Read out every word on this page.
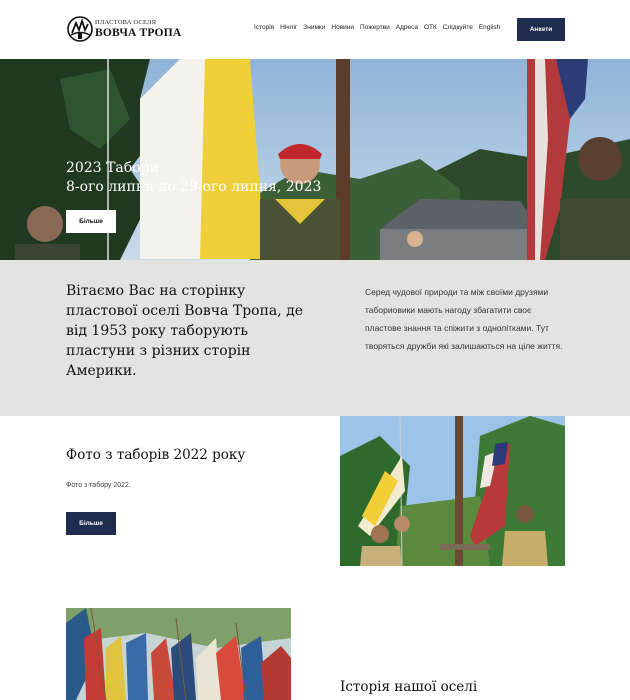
ПЛАСТОВА ОСЕЛЯ
ВОВЧА ТРОПА	Історія Нічліг Знимки Новини Пожертви Адреса ОТК Слідкуйте English	Анкети
2023 Табори
8-ого липня до 29-ого липня, 2023
Більше
Вітаємо Вас на сторінку пластової оселі Вовча Тропа, де від 1953 року таборують пластуни з різних сторін Америки.
Серед чудової природи та між своїми друзями табориовики мають нагоду збагатити своє пластове знання та спіжити з однолітками. Тут творяться дружби які залишаються на ціле життя.
Фото з таборів 2022 року
Фото з табору 2022.
Більше
Історія нашої оселі
